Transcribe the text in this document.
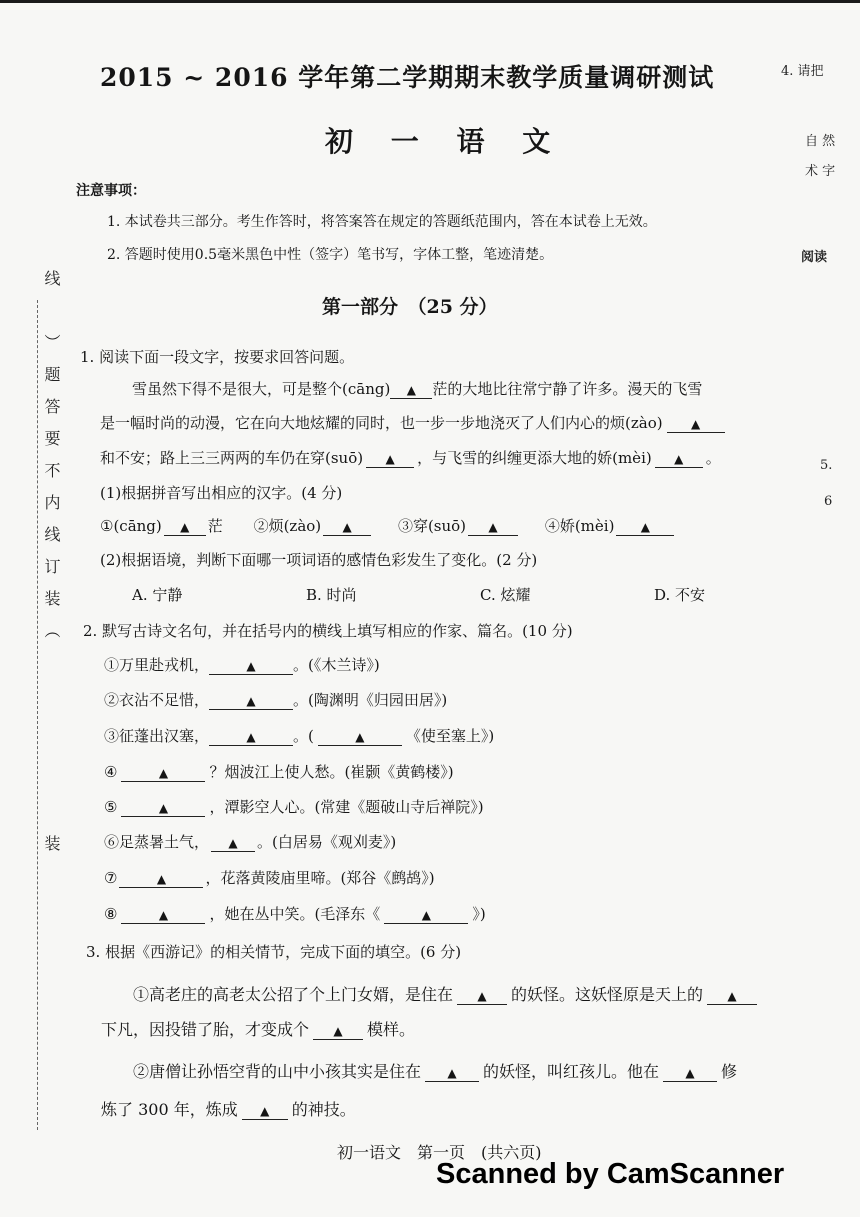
线　）题答要不内线订装（
装
4. 请把
自 然
术 字
阅读
5.
6
2015 ~ 2016 学年第二学期期末教学质量调研测试
初 一 语 文
注意事项：
1. 本试卷共三部分。考生作答时，将答案答在规定的答题纸范围内，答在本试卷上无效。
2. 答题时使用0.5毫米黑色中性（签字）笔书写，字体工整，笔迹清楚。
第一部分　（25 分）
1. 阅读下面一段文字，按要求回答问题。
雪虽然下得不是很大，可是整个(cāng) ▲ 茫的大地比往常宁静了许多。漫天的飞雪
是一幅时尚的动漫，它在向大地炫耀的同时，也一步一步地浇灭了人们内心的烦(zào) ▲
和不安；路上三三两两的车仍在穿(suō) ▲ ，与飞雪的纠缠更添大地的娇(mèi) ▲ 。
(1)根据拼音写出相应的汉字。(4 分)
①(cāng) ▲ 茫 ②烦(zào) ▲	③穿(suō) ▲	④娇(mèi) ▲
(2)根据语境，判断下面哪一项词语的感情色彩发生了变化。(2 分)
A. 宁静	B. 时尚	C. 炫耀	D. 不安
2. 默写古诗文名句，并在括号内的横线上填写相应的作家、篇名。(10 分)
①万里赴戎机，	▲ 。(《木兰诗》)
②衣沾不足惜，	▲ 。(陶渊明《归园田居》)
③征蓬出汉塞，	▲ 。(	▲	《使至塞上》)
④	▲	？烟波江上使人愁。(崔颢《黄鹤楼》)
⑤	▲	，潭影空人心。(常建《题破山寺后禅院》)
⑥足蒸暑土气， ▲ 。(白居易《观刈麦》)
⑦	▲	，花落黄陵庙里啼。(郑谷《鹧鸪》)
⑧	▲	，她在丛中笑。(毛泽东《	▲	》)
3. 根据《西游记》的相关情节，完成下面的填空。(6 分)
①高老庄的高老太公招了个上门女婿，是住在 ▲ 的妖怪。这妖怪原是天上的 ▲
下凡，因投错了胎，才变成个 ▲ 模样。
②唐僧让孙悟空背的山中小孩其实是住在 ▲ 的妖怪，叫红孩儿。他在 ▲ 修
炼了 300 年，炼成 ▲ 的神技。
初一语文　第一页　(共六页)
Scanned by CamScanner
